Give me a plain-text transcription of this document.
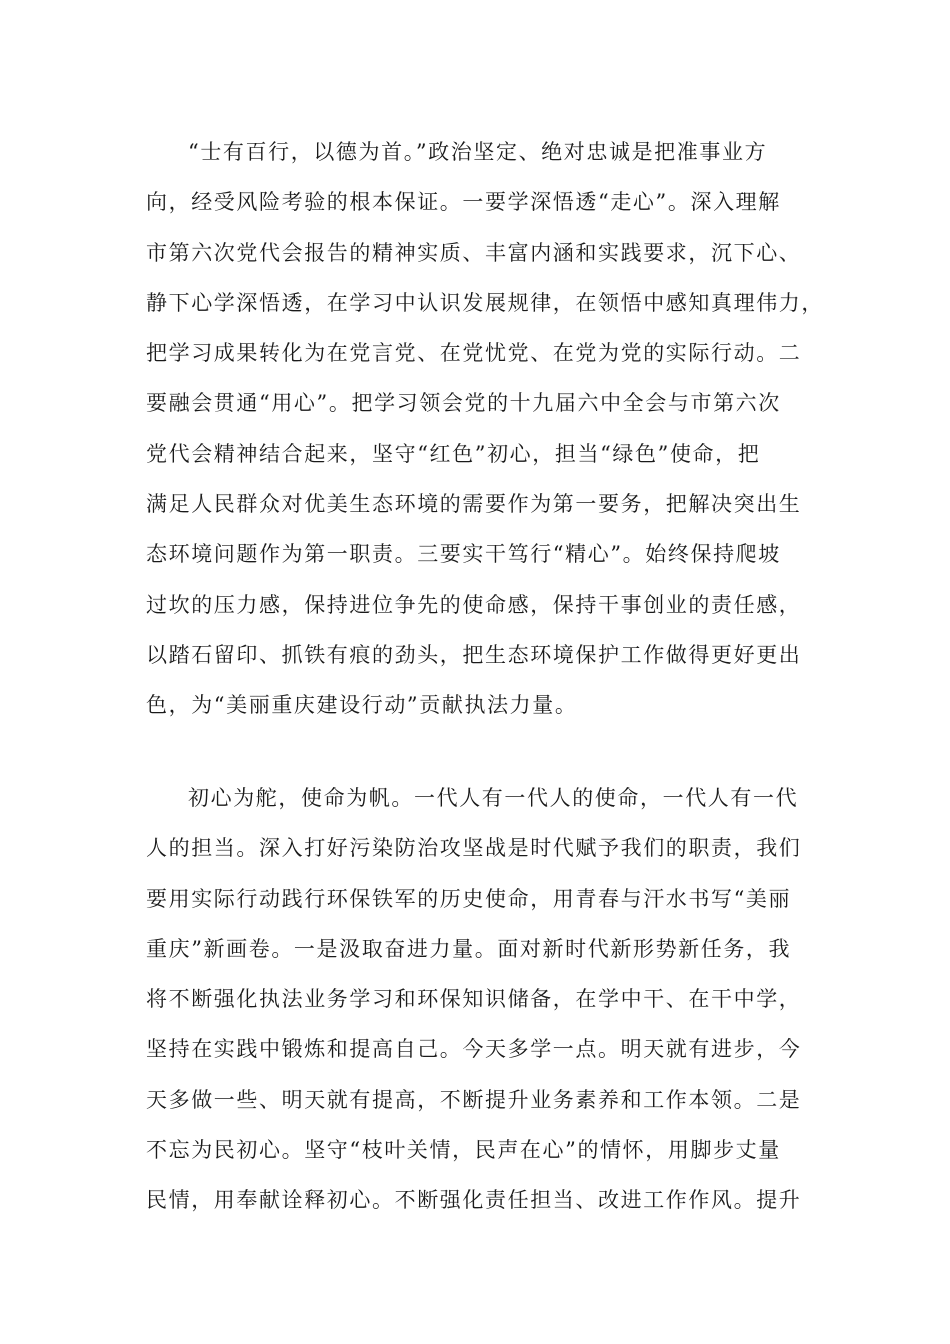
“士有百行，以德为首。”政治坚定、绝对忠诚是把准事业方
向，经受风险考验的根本保证。一要学深悟透“走心”。深入理解
市第六次党代会报告的精神实质、丰富内涵和实践要求，沉下心、
静下心学深悟透，在学习中认识发展规律，在领悟中感知真理伟力，
把学习成果转化为在党言党、在党忧党、在党为党的实际行动。二
要融会贯通“用心”。把学习领会党的十九届六中全会与市第六次
党代会精神结合起来，坚守“红色”初心，担当“绿色”使命，把
满足人民群众对优美生态环境的需要作为第一要务，把解决突出生
态环境问题作为第一职责。三要实干笃行“精心”。始终保持爬坡
过坎的压力感，保持进位争先的使命感，保持干事创业的责任感，
以踏石留印、抓铁有痕的劲头，把生态环境保护工作做得更好更出
色，为“美丽重庆建设行动”贡献执法力量。
初心为舵，使命为帆。一代人有一代人的使命，一代人有一代
人的担当。深入打好污染防治攻坚战是时代赋予我们的职责，我们
要用实际行动践行环保铁军的历史使命，用青春与汗水书写“美丽
重庆”新画卷。一是汲取奋进力量。面对新时代新形势新任务，我
将不断强化执法业务学习和环保知识储备，在学中干、在干中学，
坚持在实践中锻炼和提高自己。今天多学一点。明天就有进步，今
天多做一些、明天就有提高，不断提升业务素养和工作本领。二是
不忘为民初心。坚守“枝叶关情，民声在心”的情怀，用脚步丈量
民情，用奉献诠释初心。不断强化责任担当、改进工作作风。提升
